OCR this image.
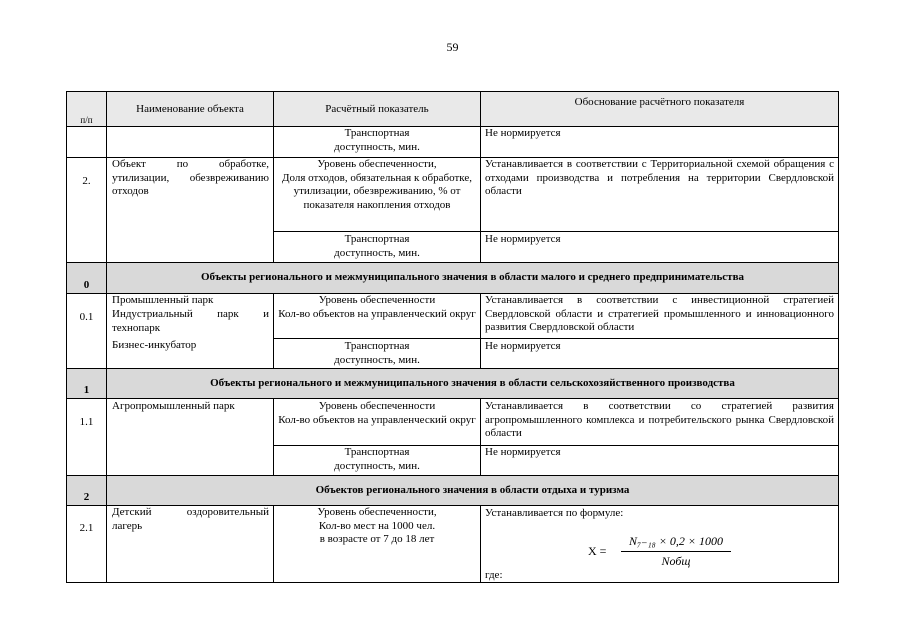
59
п/п
Наименование объекта	Расчётный показатель
Обоснование расчётного показателя
Транспортная
доступность, мин.
Не нормируется
2.
Объект по обработке, утилизации, обезвреживанию отходов
Уровень обеспеченности,
Доля отходов, обязательная к обработке, утилизации, обезвреживанию, % от показателя накопления отходов
Устанавливается в соответствии с Территориальной схемой обращения с отходами производства и потребления на территории Свердловской области
Транспортная
доступность, мин.
Не нормируется
0
Объекты регионального и межмуниципального значения в области малого и среднего предпринимательства
0.1
Промышленный парк
Индустриальный парк и технопарк
Бизнес-инкубатор
Уровень обеспеченности
Кол-во объектов на управленческий округ
Устанавливается в соответствии с инвестиционной стратегией Свердловской области и стратегией промышленного и инновационного развития Свердловской области
Транспортная
доступность, мин.
Не нормируется
1
Объекты регионального и межмуниципального значения в области сельскохозяйственного производства
1.1
Агропромышленный парк	Уровень обеспеченности
Кол-во объектов на управленческий округ
Устанавливается в соответствии со стратегией развития агропромышленного комплекса и потребительского рынка Свердловской области
Транспортная
доступность, мин.
Не нормируется
2
Объектов регионального значения в области отдыха и туризма
2.1
Детский оздоровительный лагерь
Уровень обеспеченности,
Кол-во мест на 1000 чел.
в возрасте от 7 до 18 лет
Устанавливается по формуле:
X =
N₇₋₁₈ × 0,2 × 1000
Nобщ
где:
